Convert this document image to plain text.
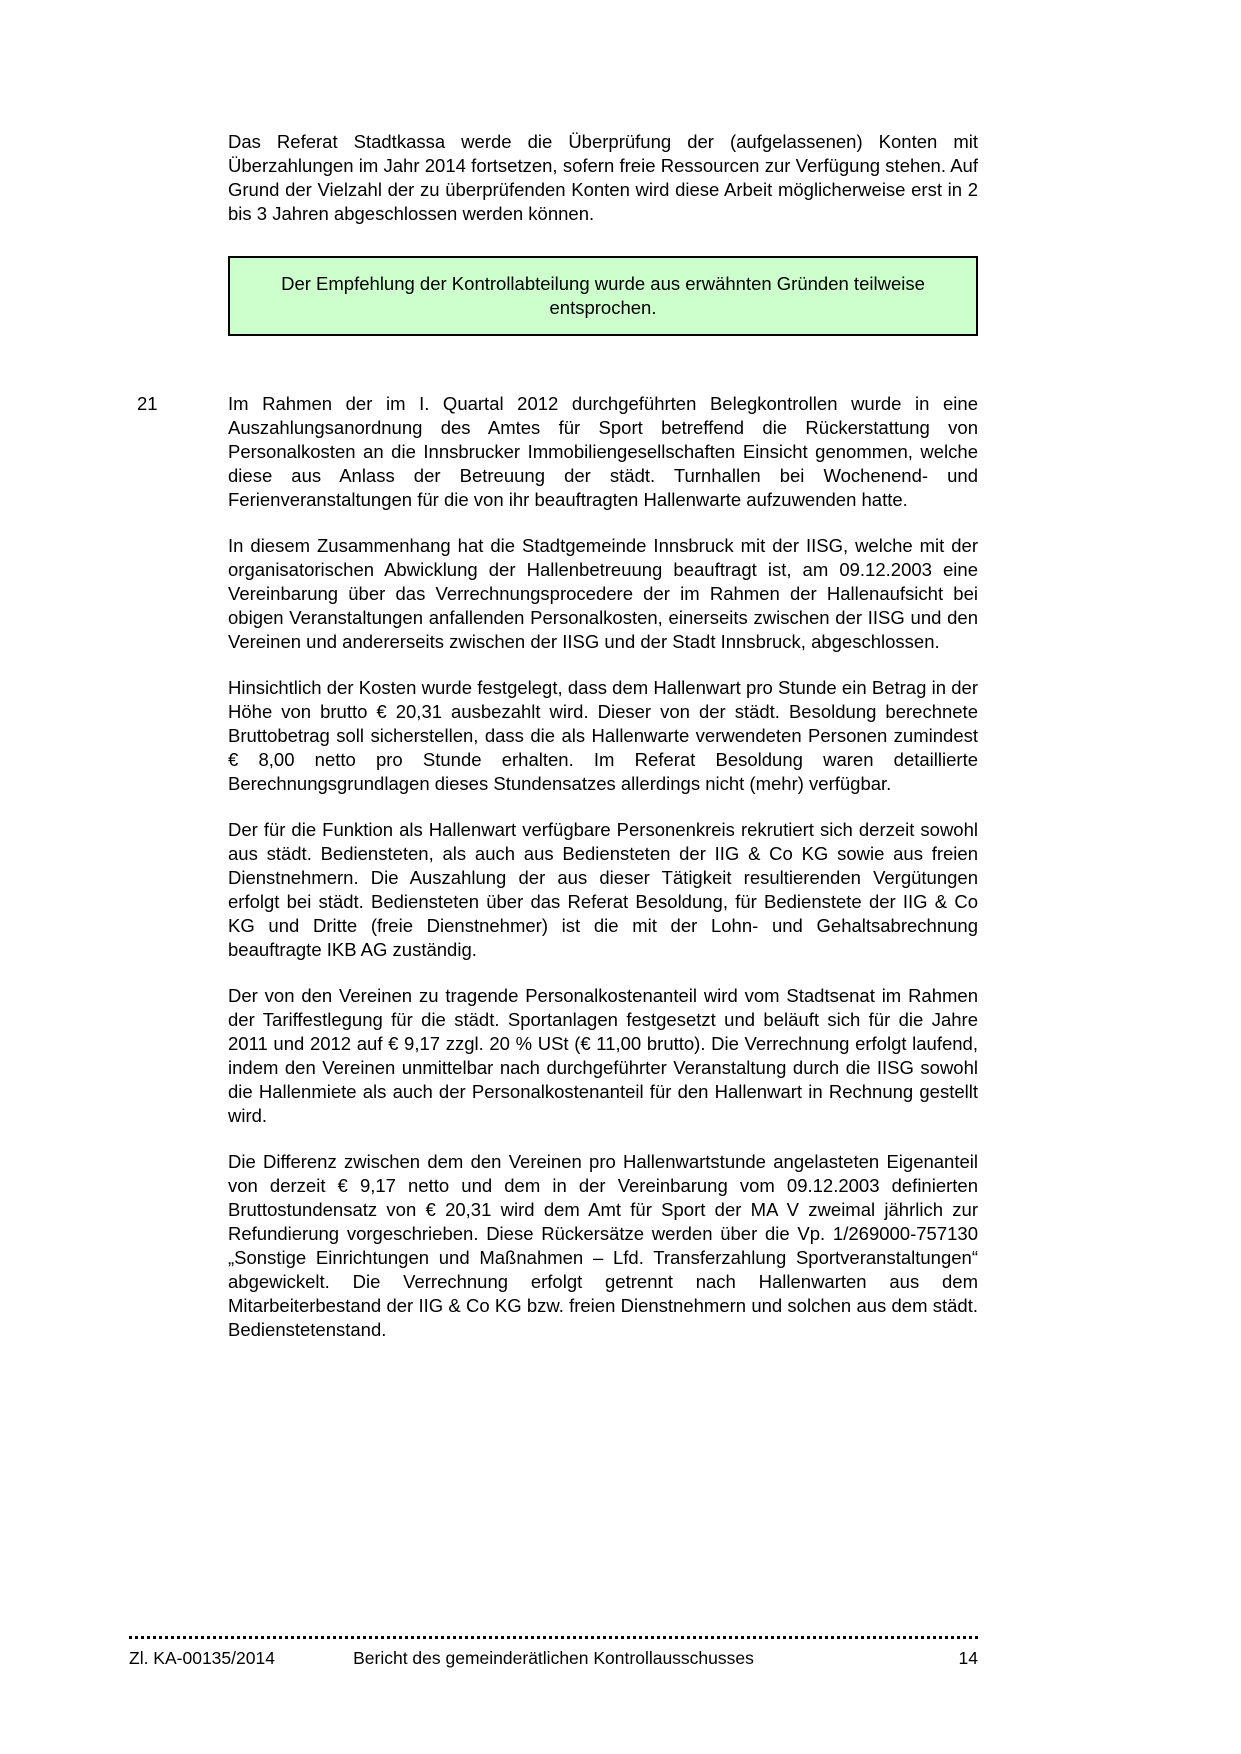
Das Referat Stadtkassa werde die Überprüfung der (aufgelassenen) Konten mit Überzahlungen im Jahr 2014 fortsetzen, sofern freie Ressourcen zur Verfügung stehen. Auf Grund der Vielzahl der zu überprüfenden Konten wird diese Arbeit möglicherweise erst in 2 bis 3 Jahren abgeschlossen werden können.

Der Empfehlung der Kontrollabteilung wurde aus erwähnten Gründen teilweise entsprochen.
21	Im Rahmen der im I. Quartal 2012 durchgeführten Belegkontrollen wurde in eine Auszahlungsanordnung des Amtes für Sport betreffend die Rückerstattung von Personalkosten an die Innsbrucker Immobiliengesellschaften Einsicht genommen, welche diese aus Anlass der Betreuung der städt. Turnhallen bei Wochenend- und Ferienveranstaltungen für die von ihr beauftragten Hallenwarte aufzuwenden hatte.

In diesem Zusammenhang hat die Stadtgemeinde Innsbruck mit der IISG, welche mit der organisatorischen Abwicklung der Hallenbetreuung beauftragt ist, am 09.12.2003 eine Vereinbarung über das Verrechnungsprocedere der im Rahmen der Hallenaufsicht bei obigen Veranstaltungen anfallenden Personalkosten, einerseits zwischen der IISG und den Vereinen und andererseits zwischen der IISG und der Stadt Innsbruck, abgeschlossen.

Hinsichtlich der Kosten wurde festgelegt, dass dem Hallenwart pro Stunde ein Betrag in der Höhe von brutto € 20,31 ausbezahlt wird. Dieser von der städt. Besoldung berechnete Bruttobetrag soll sicherstellen, dass die als Hallenwarte verwendeten Personen zumindest € 8,00 netto pro Stunde erhalten. Im Referat Besoldung waren detaillierte Berechnungsgrundlagen dieses Stundensatzes allerdings nicht (mehr) verfügbar.

Der für die Funktion als Hallenwart verfügbare Personenkreis rekrutiert sich derzeit sowohl aus städt. Bediensteten, als auch aus Bediensteten der IIG & Co KG sowie aus freien Dienstnehmern. Die Auszahlung der aus dieser Tätigkeit resultierenden Vergütungen erfolgt bei städt. Bediensteten über das Referat Besoldung, für Bedienstete der IIG & Co KG und Dritte (freie Dienstnehmer) ist die mit der Lohn- und Gehaltsabrechnung beauftragte IKB AG zuständig.

Der von den Vereinen zu tragende Personalkostenanteil wird vom Stadtsenat im Rahmen der Tariffestlegung für die städt. Sportanlagen festgesetzt und beläuft sich für die Jahre 2011 und 2012 auf € 9,17 zzgl. 20 % USt (€ 11,00 brutto). Die Verrechnung erfolgt laufend, indem den Vereinen unmittelbar nach durchgeführter Veranstaltung durch die IISG sowohl die Hallenmiete als auch der Personalkostenanteil für den Hallenwart in Rechnung gestellt wird.

Die Differenz zwischen dem den Vereinen pro Hallenwartstunde angelasteten Eigenanteil von derzeit € 9,17 netto und dem in der Vereinbarung vom 09.12.2003 definierten Bruttostundensatz von € 20,31 wird dem Amt für Sport der MA V zweimal jährlich zur Refundierung vorgeschrieben. Diese Rückersätze werden über die Vp. 1/269000-757130 „Sonstige Einrichtungen und Maßnahmen – Lfd. Transferzahlung Sportveranstaltungen“ abgewickelt. Die Verrechnung erfolgt getrennt nach Hallenwarten aus dem Mitarbeiterbestand der IIG & Co KG bzw. freien Dienstnehmern und solchen aus dem städt. Bedienstetenstand.

Zl. KA-00135/2014	Bericht des gemeinderätlichen Kontrollausschusses	14
